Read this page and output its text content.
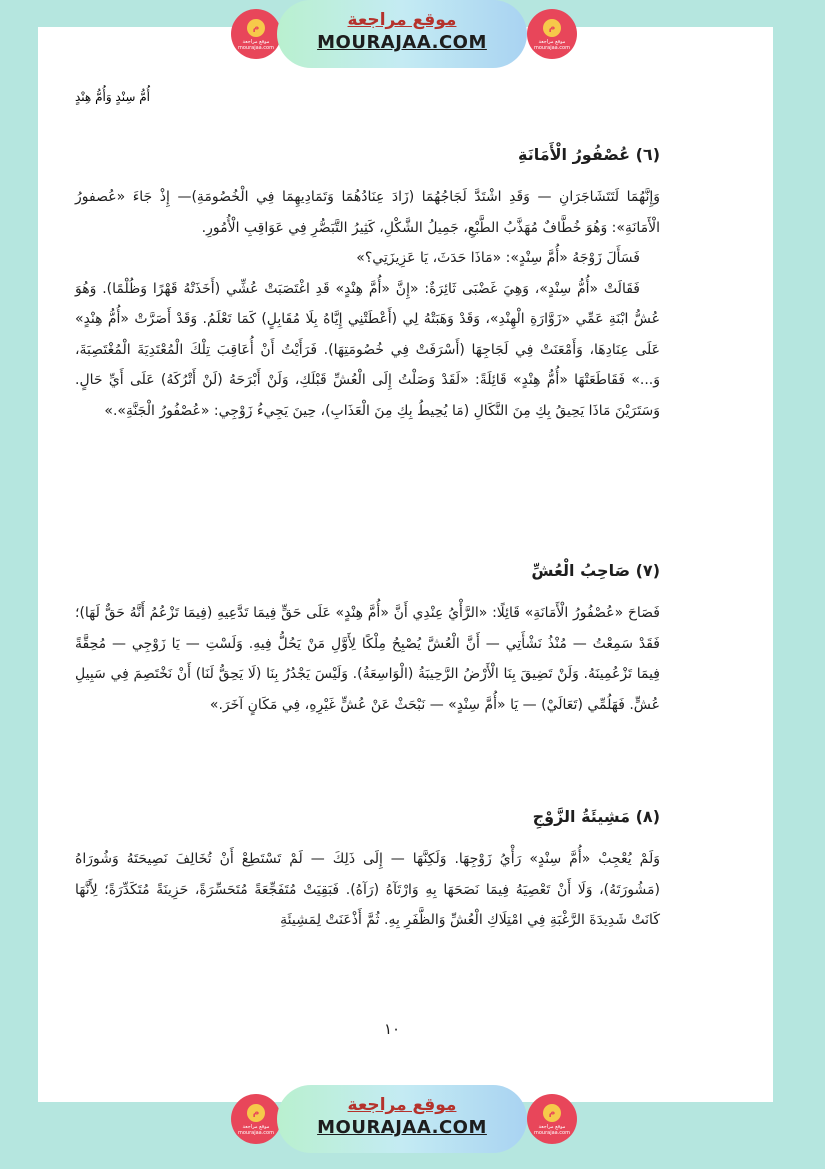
ﻡ
موقع مراجعة mourajaa.com
موقع مراجعة
MOURAJAA.COM
ﻡ
موقع مراجعة mourajaa.com
أُمُّ سِنْدٍ وَأُمُّ هِنْدٍ

(٦) عُصْفُورُ الْأَمَانَةِ

وَإِنَّهُمَا لَتَتَشَاجَرَانِ — وَقَدِ اشْتَدَّ لَجَاجُهُمَا (زَادَ عِنَادُهُمَا وَتَمَادِيهِمَا فِي الْخُصُومَةِ)— إِذْ جَاءَ «عُصفورُ الْأَمَانَةِ»: وَهُوَ خُطَّافٌ مُهَذَّبُ الطَّبْعِ، جَمِيلُ الشَّكْلِ، كَثِيرُ التَّبَصُّرِ فِي عَوَاقِبِ الْأُمُورِ.

فَسَأَلَ زَوْجَهُ «أُمَّ سِنْدٍ»: «مَاذَا حَدَثَ، يَا عَزِيزَتِي؟»

فَقَالَتْ «أُمُّ سِنْدٍ»، وَهِيَ غَضْبَى ثَائِرَةٌ: «إِنَّ «أُمَّ هِنْدٍ» قَدِ اغْتَصَبَتْ عُشِّي (أَخَذَتْهُ قَهْرًا وَظُلْمًا). وَهُوَ عُشُّ ابْنَةِ عَمِّي «زَوَّارَةِ الْهِنْدِ»، وَقَدْ وَهَبَتْهُ لِي (أَعْطَتْنِي إِيَّاهُ بِلَا مُقَابِلٍ) كَمَا تَعْلَمُ. وَقَدْ أَصَرَّتْ «أُمُّ هِنْدٍ» عَلَى عِنَادِهَا، وَأَمْعَنَتْ فِي لَجَاجِهَا (أَسْرَفَتْ فِي خُصُومَتِهَا). فَرَأَيْتُ أَنْ أُعَاقِبَ تِلْكَ الْمُعْتَدِيَةَ الْمُغْتَصِبَةَ، وَ...» فَقَاطَعَتْهَا «أُمُّ هِنْدٍ» قَائِلَةً: «لَقَدْ وَصَلْتُ إِلَى الْعُشِّ قَبْلَكِ، وَلَنْ أَبْرَحَهُ (لَنْ أَتْرُكَهُ) عَلَى أَيِّ حَالٍ. وَسَتَرَيْنَ مَاذَا يَحِيقُ بِكِ مِنَ النَّكَالِ (مَا يُحِيطُ بِكِ مِنَ الْعَذَابِ)، حِينَ يَجِيءُ زَوْجِي: «عُصْفُورُ الْجَنَّةِ».»

(٧) صَاحِبُ الْعُشِّ

فَصَاحَ «عُصْفُورُ الْأَمَانَةِ» قَائِلًا: «الرَّأْيُ عِنْدِي أَنَّ «أُمَّ هِنْدٍ» عَلَى حَقٍّ فِيمَا تَدَّعِيهِ (فِيمَا تَزْعُمُ أَنَّهُ حَقٌّ لَهَا)؛ فَقَدْ سَمِعْتُ — مُنْذُ نَشْأَتِي — أَنَّ الْعُشَّ يُصْبِحُ مِلْكًا لِأَوَّلِ مَنْ يَحُلُّ فِيهِ. وَلَسْتِ — يَا زَوْجِي — مُحِقَّةً فِيمَا تَزْعُمِينَهُ. وَلَنْ تَضِيقَ بِنَا الْأَرْضُ الرَّحِيبَةُ (الْوَاسِعَةُ). وَلَيْسَ يَجْدُرُ بِنَا (لَا يَحِقُّ لَنَا) أَنْ نَخْتَصِمَ فِي سَبِيلِ عُشٍّ. فَهَلُمِّي (تَعَالَيْ) — يَا «أُمَّ سِنْدٍ» — نَبْحَثْ عَنْ عُشٍّ غَيْرِهِ، فِي مَكَانٍ آخَرَ.»

(٨) مَشِيئَةُ الزَّوْجِ

وَلَمْ يُعْجِبْ «أُمَّ سِنْدٍ» رَأْيُ زَوْجِهَا. وَلَكِنَّهَا — إِلَى ذَلِكَ — لَمْ تَسْتَطِعْ أَنْ تُخَالِفَ نَصِيحَتَهُ وَشُورَاهُ (مَشُورَتَهُ)، وَلَا أَنْ تَعْصِيَهُ فِيمَا نَصَحَهَا بِهِ وَارْتَآهُ (رَآهُ). فَبَقِيَتْ مُتَفَجِّعَةً مُتَحَسِّرَةً، حَزِينَةً مُتَكَدِّرَةً؛ لِأَنَّهَا كَانَتْ شَدِيدَةَ الرَّغْبَةِ فِي امْتِلَاكِ الْعُشِّ وَالظَّفَرِ بِهِ. ثُمَّ أَذْعَنَتْ لِمَشِيئَةِ

١٠
ﻡ
موقع مراجعة mourajaa.com
موقع مراجعة
MOURAJAA.COM
ﻡ
موقع مراجعة mourajaa.com
